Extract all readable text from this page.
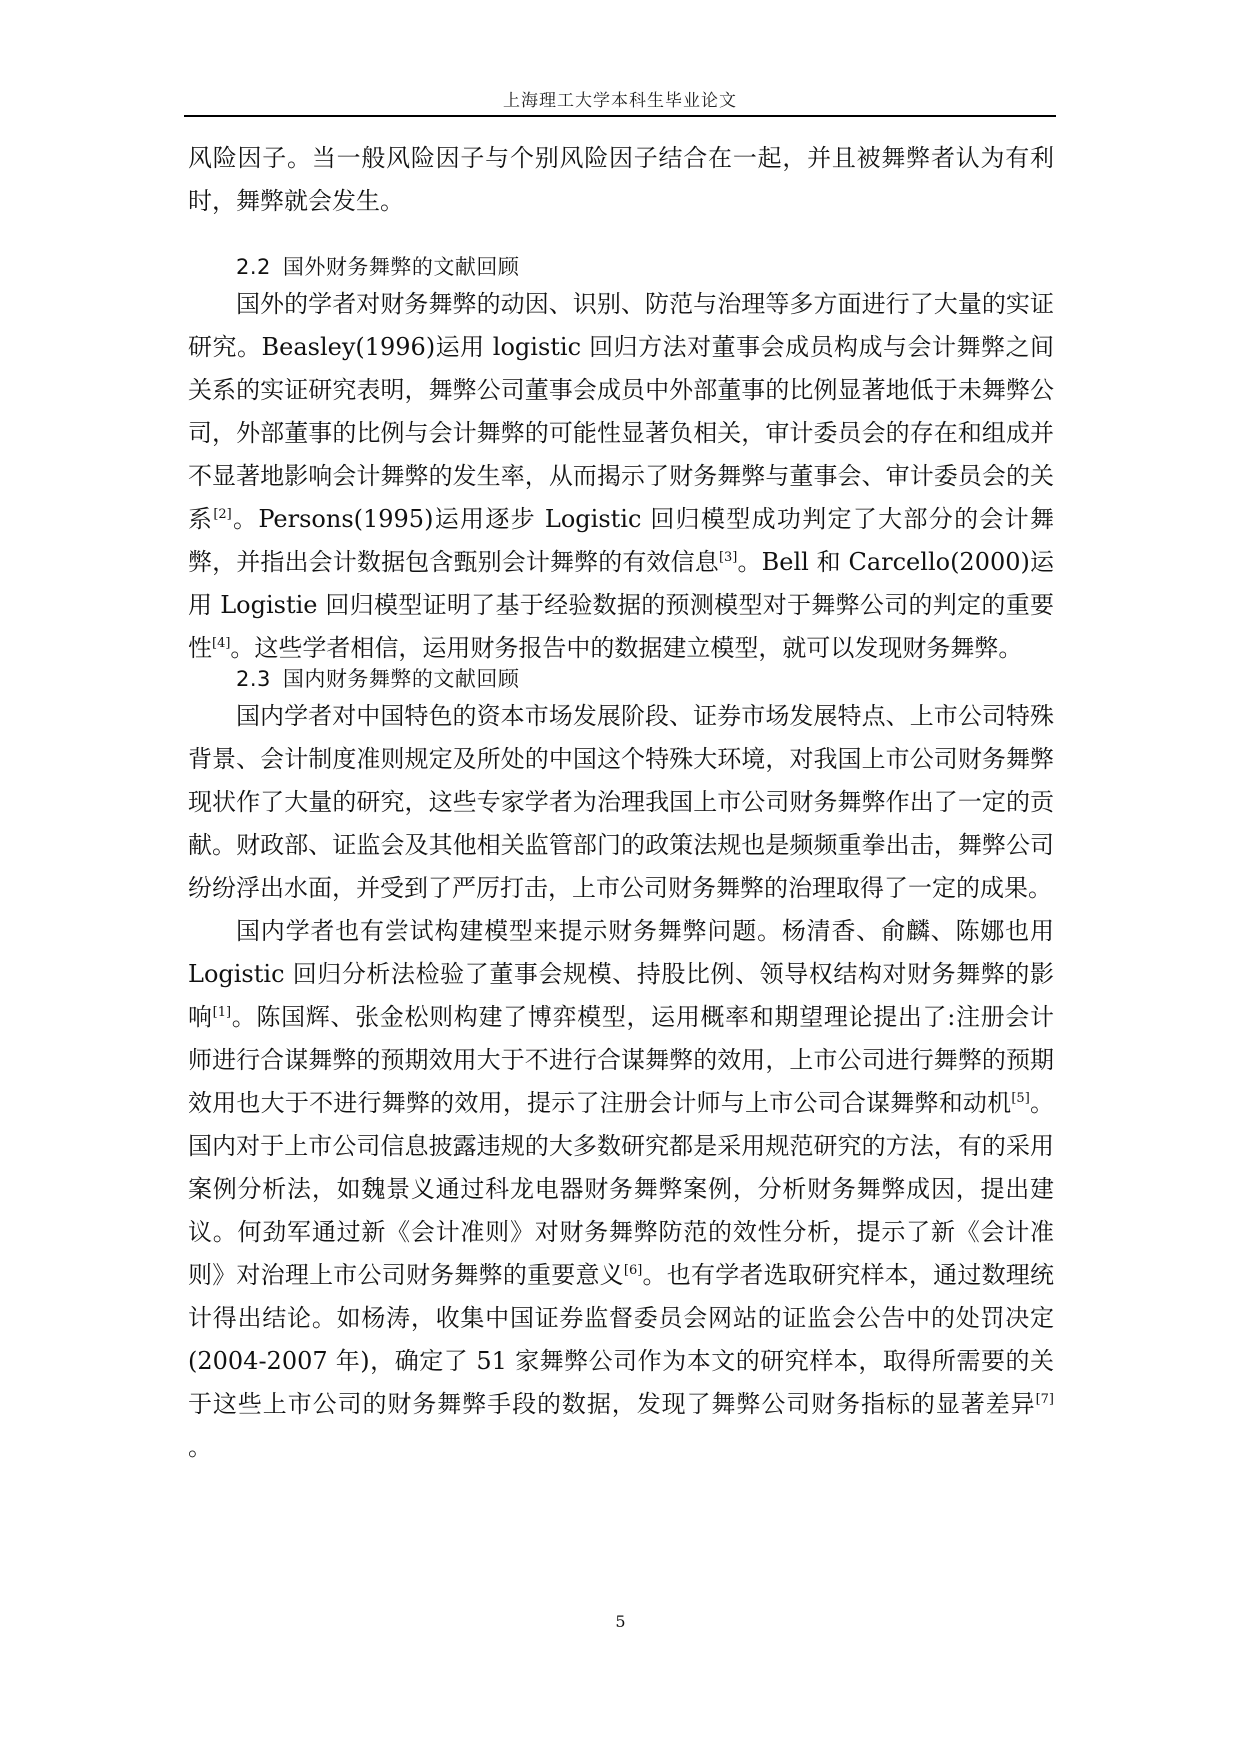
上海理工大学本科生毕业论文

风险因子。当一般风险因子与个别风险因子结合在一起，并且被舞弊者认为有利时，舞弊就会发生。

2.2 国外财务舞弊的文献回顾

国外的学者对财务舞弊的动因、识别、防范与治理等多方面进行了大量的实证研究。Beasley(1996)运用 logistic 回归方法对董事会成员构成与会计舞弊之间关系的实证研究表明，舞弊公司董事会成员中外部董事的比例显著地低于未舞弊公司，外部董事的比例与会计舞弊的可能性显著负相关，审计委员会的存在和组成并不显著地影响会计舞弊的发生率，从而揭示了财务舞弊与董事会、审计委员会的关系[2]。Persons(1995)运用逐步 Logistic 回归模型成功判定了大部分的会计舞弊，并指出会计数据包含甄别会计舞弊的有效信息[3]。Bell 和 Carcello(2000)运用 Logistie 回归模型证明了基于经验数据的预测模型对于舞弊公司的判定的重要性[4]。这些学者相信，运用财务报告中的数据建立模型，就可以发现财务舞弊。

2.3 国内财务舞弊的文献回顾

国内学者对中国特色的资本市场发展阶段、证券市场发展特点、上市公司特殊背景、会计制度准则规定及所处的中国这个特殊大环境，对我国上市公司财务舞弊现状作了大量的研究，这些专家学者为治理我国上市公司财务舞弊作出了一定的贡献。财政部、证监会及其他相关监管部门的政策法规也是频频重拳出击，舞弊公司纷纷浮出水面，并受到了严厉打击，上市公司财务舞弊的治理取得了一定的成果。

国内学者也有尝试构建模型来提示财务舞弊问题。杨清香、俞麟、陈娜也用 Logistic 回归分析法检验了董事会规模、持股比例、领导权结构对财务舞弊的影响[1]。陈国辉、张金松则构建了博弈模型，运用概率和期望理论提出了:注册会计师进行合谋舞弊的预期效用大于不进行合谋舞弊的效用，上市公司进行舞弊的预期效用也大于不进行舞弊的效用，提示了注册会计师与上市公司合谋舞弊和动机[5]。国内对于上市公司信息披露违规的大多数研究都是采用规范研究的方法，有的采用案例分析法，如魏景义通过科龙电器财务舞弊案例，分析财务舞弊成因，提出建议。何劲军通过新《会计准则》对财务舞弊防范的效性分析，提示了新《会计准则》对治理上市公司财务舞弊的重要意义[6]。也有学者选取研究样本，通过数理统计得出结论。如杨涛，收集中国证券监督委员会网站的证监会公告中的处罚决定(2004-2007 年)，确定了 51 家舞弊公司作为本文的研究样本，取得所需要的关于这些上市公司的财务舞弊手段的数据，发现了舞弊公司财务指标的显著差异[7] 。

5
